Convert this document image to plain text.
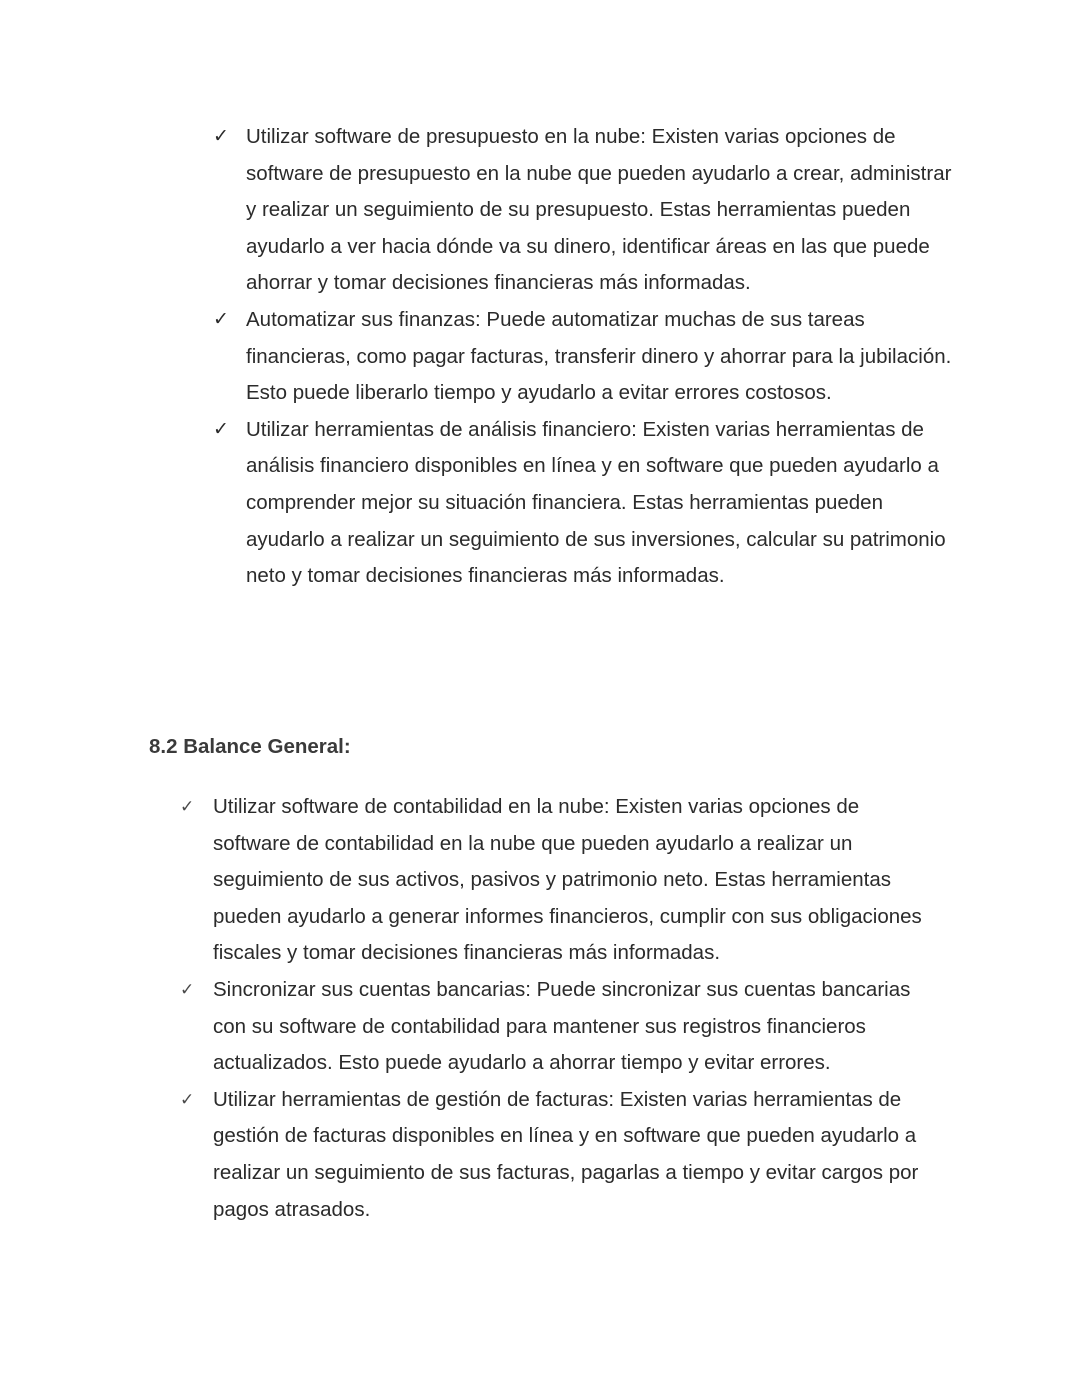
✓ Utilizar software de presupuesto en la nube: Existen varias opciones de software de presupuesto en la nube que pueden ayudarlo a crear, administrar y realizar un seguimiento de su presupuesto. Estas herramientas pueden ayudarlo a ver hacia dónde va su dinero, identificar áreas en las que puede ahorrar y tomar decisiones financieras más informadas.
✓ Automatizar sus finanzas: Puede automatizar muchas de sus tareas financieras, como pagar facturas, transferir dinero y ahorrar para la jubilación. Esto puede liberarlo tiempo y ayudarlo a evitar errores costosos.
✓ Utilizar herramientas de análisis financiero: Existen varias herramientas de análisis financiero disponibles en línea y en software que pueden ayudarlo a comprender mejor su situación financiera. Estas herramientas pueden ayudarlo a realizar un seguimiento de sus inversiones, calcular su patrimonio neto y tomar decisiones financieras más informadas.
8.2 Balance General:
✓ Utilizar software de contabilidad en la nube: Existen varias opciones de software de contabilidad en la nube que pueden ayudarlo a realizar un seguimiento de sus activos, pasivos y patrimonio neto. Estas herramientas pueden ayudarlo a generar informes financieros, cumplir con sus obligaciones fiscales y tomar decisiones financieras más informadas.
✓ Sincronizar sus cuentas bancarias: Puede sincronizar sus cuentas bancarias con su software de contabilidad para mantener sus registros financieros actualizados. Esto puede ayudarlo a ahorrar tiempo y evitar errores.
✓ Utilizar herramientas de gestión de facturas: Existen varias herramientas de gestión de facturas disponibles en línea y en software que pueden ayudarlo a realizar un seguimiento de sus facturas, pagarlas a tiempo y evitar cargos por pagos atrasados.
